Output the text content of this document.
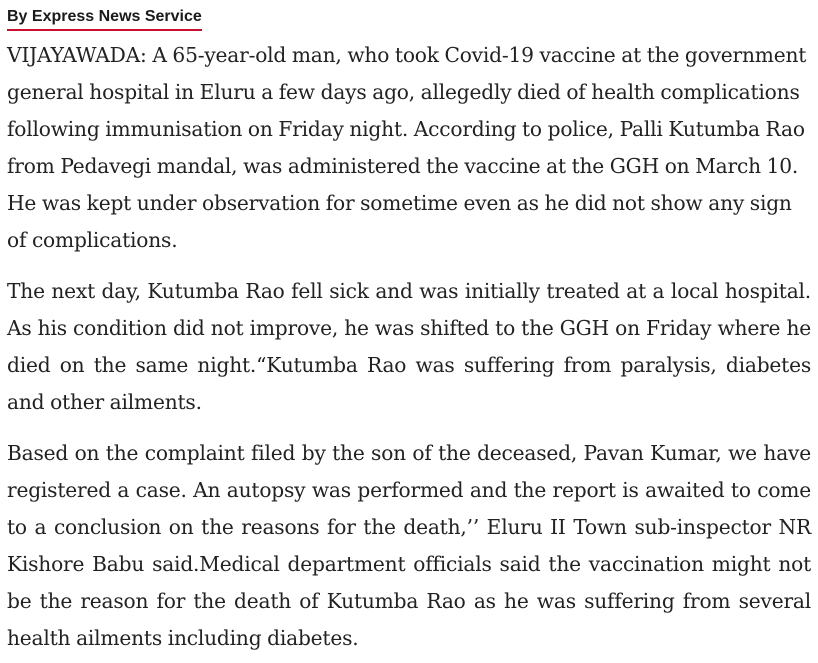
By Express News Service

VIJAYAWADA: A 65-year-old man, who took Covid-19 vaccine at the government general hospital in Eluru a few days ago, allegedly died of health complications following immunisation on Friday night. According to police, Palli Kutumba Rao from Pedavegi mandal, was administered the vaccine at the GGH on March 10. He was kept under observation for sometime even as he did not show any sign of complications.

The next day, Kutumba Rao fell sick and was initially treated at a local hospital. As his condition did not improve, he was shifted to the GGH on Friday where he died on the same night.“Kutumba Rao was suffering from paralysis, diabetes and other ailments.

Based on the complaint filed by the son of the deceased, Pavan Kumar, we have registered a case. An autopsy was performed and the report is awaited to come to a conclusion on the reasons for the death,’’ Eluru II Town sub-inspector NR Kishore Babu said.Medical department officials said the vaccination might not be the reason for the death of Kutumba Rao as he was suffering from several health ailments including diabetes.
